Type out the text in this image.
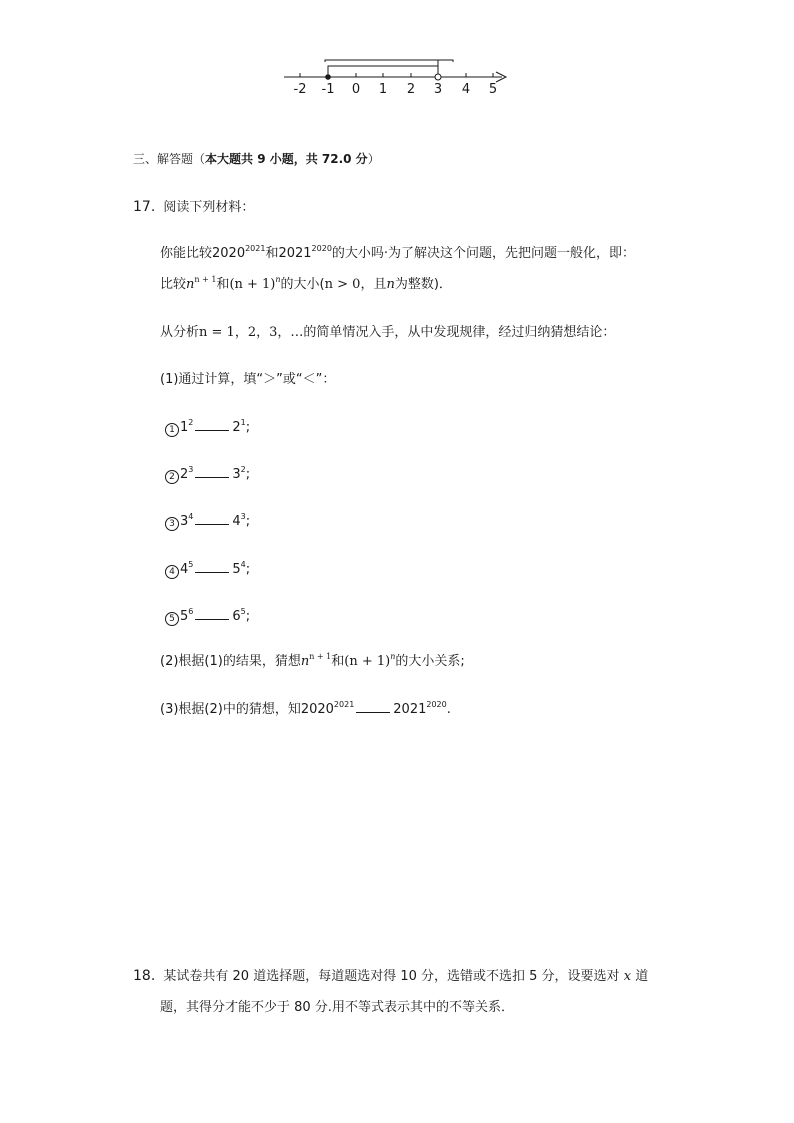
-2 -1 0 1 2 3 4 5
三、解答题（本大题共 9 小题，共 72.0 分）
17. 阅读下列材料：
你能比较$2020^{2021}$和$2021^{2020}$的大小吗·为了解决这个问题，先把问题一般化，即：
比较$n^{n + 1}$和$(n + 1)^n$的大小(n > 0，且n为整数)．
从分析n = 1，2，3，…的简单情况入手，从中发现规律，经过归纳猜想结论：
(1)通过计算，填“＞”或“＜”：
1 $1^2$	$2^1$;
2 $2^3$	$3^2$;
3 $3^4$	$4^3$;
4 $4^5$	$5^4$;
5 $5^6$	$6^5$;
(2)根据(1)的结果，猜想$n^{n + 1}$和$(n + 1)^n$的大小关系;
(3)根据(2)中的猜想，知$2020^{2021}$	$2021^{2020}$.
18. 某试卷共有 20 道选择题，每道题选对得 10 分，选错或不选扣 5 分，设要选对 x 道
题，其得分才能不少于 80 分.用不等式表示其中的不等关系．
